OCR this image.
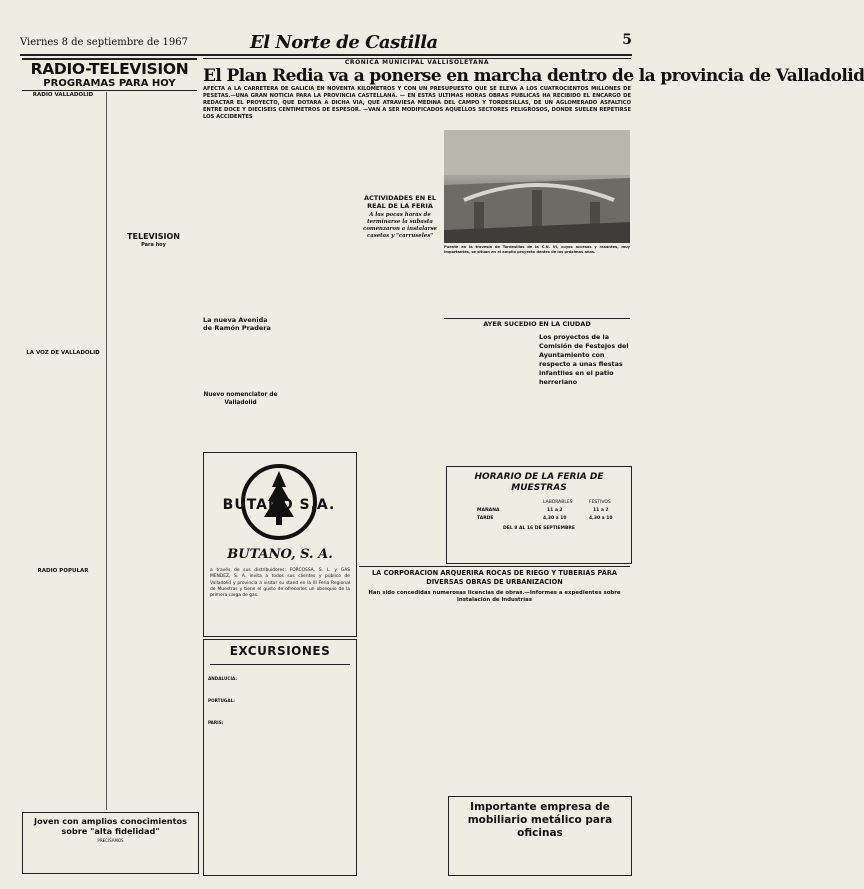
Viernes 8 de septiembre de 1967	El Norte de Castilla	5
RADIO-TELEVISION
PROGRAMAS PARA HOY
RADIO VALLADOLID
LA VOZ DE VALLADOLID
RADIO POPULAR
TELEVISION
Para hoy
Joven con amplios conocimientos sobre "alta fidelidad"
PRECISAMOS
CRONICA MUNICIPAL VALLISOLETANA
El Plan Redia va a ponerse en marcha dentro de la provincia de Valladolid
AFECTA A LA CARRETERA DE GALICIA EN NOVENTA KILOMETROS Y CON UN PRESUPUESTO QUE SE ELEVA A LOS CUATROCIENTOS MILLONES DE PESETAS.—UNA GRAN NOTICIA PARA LA PROVINCIA CASTELLANA. — EN ESTAS ULTIMAS HORAS OBRAS PUBLICAS HA RECIBIDO EL ENCARGO DE REDACTAR EL PROYECTO, QUE DOTARA A DICHA VIA, QUE ATRAVIESA MEDINA DEL CAMPO Y TORDESILLAS, DE UN AGLOMERADO ASFALTICO ENTRE DOCE Y DIECISEIS CENTIMETROS DE ESPESOR. —VAN A SER MODIFICADOS AQUELLOS SECTORES PELIGROSOS, DONDE SUELEN REPETIRSE LOS ACCIDENTES
La nueva Avenida de Ramón Pradera
Nuevo nomenclator de Valladolid
ACTIVIDADES EN EL REAL DE LA FERIA
A las pocas horas de terminarse la subasta comenzaron a instalarse casetas y "carruseles"
Puente en la travesía de Tordesillas de la C.N. VI, cuyos accesos y rasantes, muy importantes, se sitúan en el amplio proyecto dentro de los próximos años.
AYER SUCEDIO EN LA CIUDAD
Los proyectos de la Comisión de Festejos del Ayuntamiento con respecto a unas fiestas infantiles en el patio herreriano
BUTANO S.A.
BUTANO, S. A.
a través de sus distribuidores: FORCOSSA, S. L. y GAS MENDEZ, S. A. invita a todos sus clientes y público de Valladolid y provincia a visitar su stand en la III Feria Regional de Muestras y tiene el gusto de ofrecerles un obsequio de la primera carga de gas.
HORARIO DE LA FERIA DE MUESTRAS
LABORABLES	FESTIVOS
MAÑANA	11 a 2	11 a 2
TARDE	4,30 a 10	4,30 a 10
DEL 8 AL 16 DE SEPTIEMBRE
LA CORPORACION ARQUERIRA ROCAS DE RIEGO Y TUBERIAS PARA DIVERSAS OBRAS DE URBANIZACION
Han sido concedidas numerosas licencias de obras.—Informes a expedientes sobre instalación de industrias
Importante empresa de mobiliario metálico para oficinas
EXCURSIONES
ANDALUCIA:
PORTUGAL:
PARIS:
